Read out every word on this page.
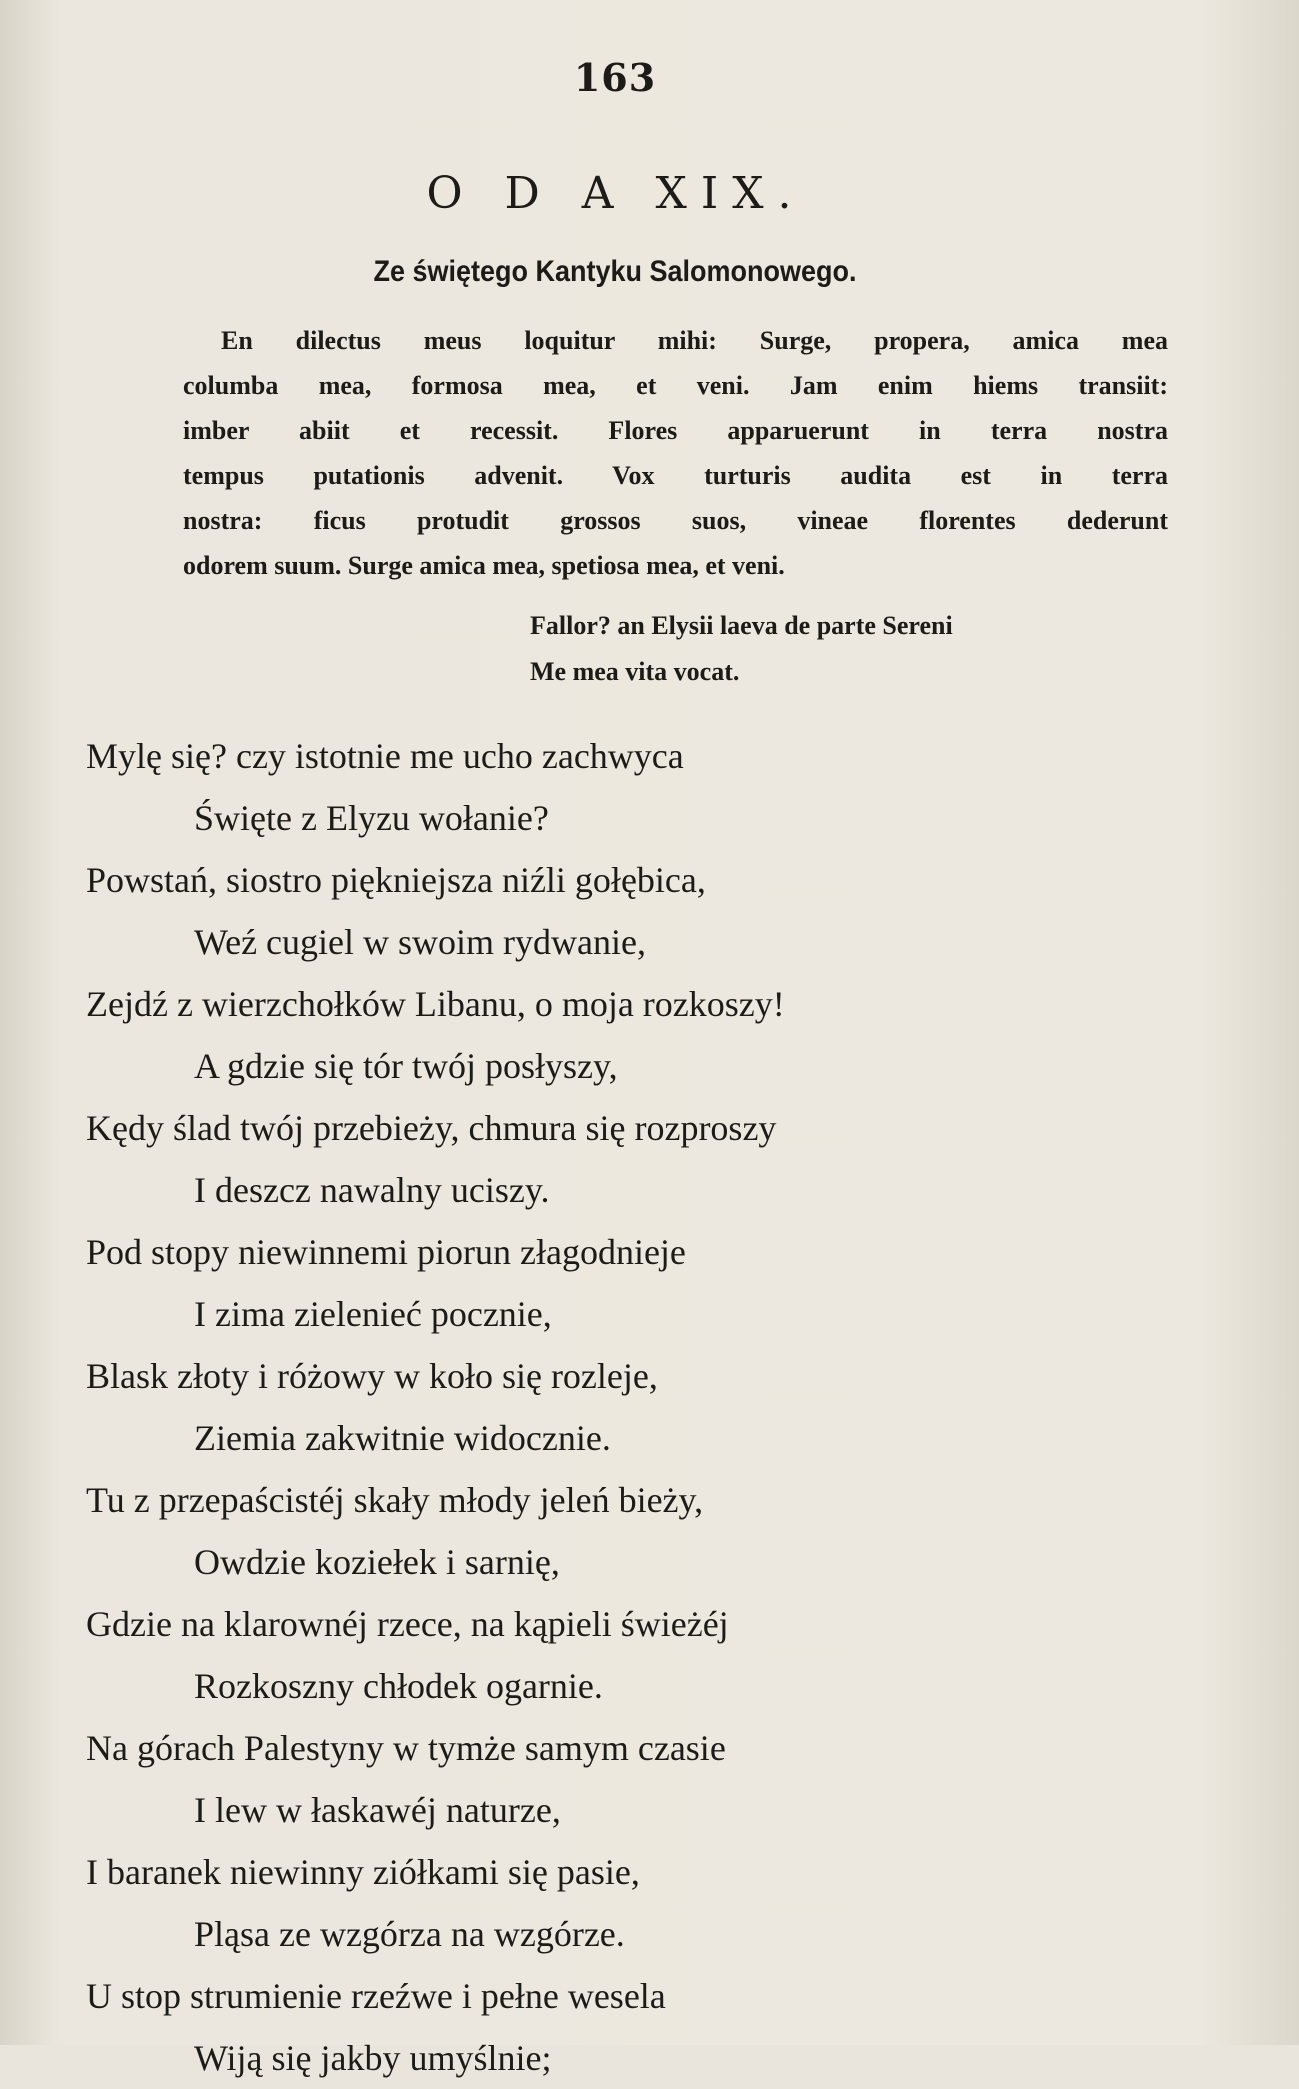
163
O D A XIX.
Ze świętego Kantyku Salomonowego.
En dilectus meus loquitur mihi: Surge, propera, amica mea
columba mea, formosa mea, et veni. Jam enim hiems transiit:
imber abiit et recessit. Flores apparuerunt in terra nostra
tempus putationis advenit. Vox turturis audita est in terra
nostra: ficus protudit grossos suos, vineae florentes dederunt
odorem suum. Surge amica mea, spetiosa mea, et veni.
Fallor? an Elysii laeva de parte Sereni
Me mea vita vocat.
Mylę się? czy istotnie me ucho zachwyca
Święte z Elyzu wołanie?
Powstań, siostro piękniejsza niźli gołębica,
Weź cugiel w swoim rydwanie,
Zejdź z wierzchołków Libanu, o moja rozkoszy!
A gdzie się tór twój posłyszy,
Kędy ślad twój przebieży, chmura się rozproszy
I deszcz nawalny uciszy.
Pod stopy niewinnemi piorun złagodnieje
I zima zielenieć pocznie,
Blask złoty i różowy w koło się rozleje,
Ziemia zakwitnie widocznie.
Tu z przepaścistéj skały młody jeleń bieży,
Owdzie koziełek i sarnię,
Gdzie na klarownéj rzece, na kąpieli świeżéj
Rozkoszny chłodek ogarnie.
Na górach Palestyny w tymże samym czasie
I lew w łaskawéj naturze,
I baranek niewinny ziółkami się pasie,
Pląsa ze wzgórza na wzgórze.
U stop strumienie rzeźwe i pełne wesela
Wiją się jakby umyślnie;
